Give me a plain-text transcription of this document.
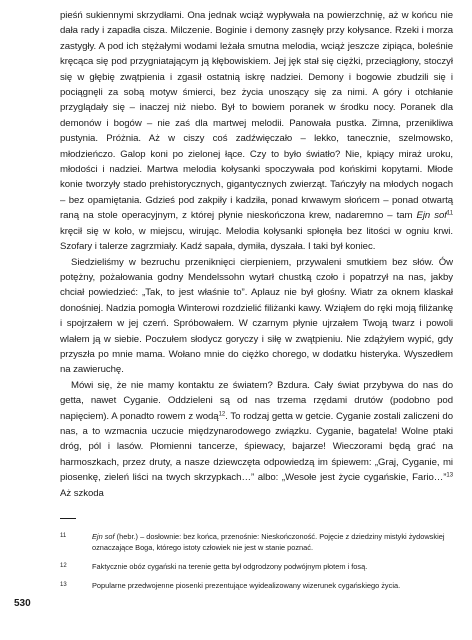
pieśń sukiennymi skrzydłami. Ona jednak wciąż wypływała na powierzchnię, aż w końcu nie dała rady i zapadła cisza. Milczenie. Boginie i demony zasnęły przy kołysance. Rzeki i morza zastygły. A pod ich stężałymi wodami leżała smutna melodia, wciąż jeszcze zipiąca, boleśnie kręcąca się pod przygniatającym ją kłębowiskiem. Jej jęk stał się ciężki, przeciągłony, stoczył się w głębię zwątpienia i zgasił ostatnią iskrę nadziei. Demony i bogowie zbudzili się i pociągnęli za sobą motyw śmierci, bez życia unoszący się za nimi. A góry i otchłanie przyglądały się – inaczej niż niebo. Był to bowiem poranek w środku nocy. Poranek dla demonów i bogów – nie zaś dla martwej melodii. Panowała pustka. Zimna, przenikliwa pustynia. Próżnia. Aż w ciszy coś zadźwięczało – lekko, tanecznie, szelmowsko, młodzieńczo. Galop koni po zielonej łące. Czy to było światło? Nie, kpiący miraż uroku, młodości i nadziei. Martwa melodia kołysanki spoczywała pod końskimi kopytami. Młode konie tworzyły stado prehistorycznych, gigantycznych zwierząt. Tańczyły na młodych nogach – bez opamiętania. Gdzieś pod zakpiły i kadziła, ponad krwawym słońcem – ponad otwartą raną na stole operacyjnym, z której płynie nieskończona krew, nadaremno – tam Ejn sof$^{11}$ kręcił się w koło, w miejscu, wirując. Melodia kołysanki spłonęła bez litości w ogniu krwi. Szofary i talerze zagrzmiały. Kadź sapała, dymiła, dyszała. I taki był koniec.

Siedzieliśmy w bezruchu przeniknięci cierpieniem, przywaleni smutkiem bez słów. Ów potężny, pożałowania godny Mendelssohn wytarł chustką czoło i popatrzył na nas, jakby chciał powiedzieć: „Tak, to jest właśnie to”. Aplauz nie był głośny. Wiatr za oknem klaskał donośniej. Nadzia pomogła Winterowi rozdzielić filiżanki kawy. Wziąłem do ręki moją filiżankę i spojrzałem w jej czerń. Spróbowałem. W czarnym płynie ujrzałem Twoją twarz i powoli wlałem ją w siebie. Poczułem słodycz goryczy i siłę w zwątpieniu. Nie zdążyłem wypić, gdy przyszła po mnie mama. Wołano mnie do ciężko chorego, w dodatku histeryka. Wyszedłem na zawieruchę.

Mówi się, że nie mamy kontaktu ze światem? Bzdura. Cały świat przybywa do nas do getta, nawet Cyganie. Oddzieleni są od nas trzema rzędami drutów (podobno pod napięciem). A ponadto rowem z wodą$^{12}$. To rodzaj getta w getcie. Cyganie zostali zaliczeni do nas, a to wzmacnia uczucie międzynarodowego związku. Cyganie, bagatela! Wolne ptaki dróg, pól i lasów. Płomienni tancerze, śpiewacy, bajarze! Wieczorami będą grać na harmoszkach, przez druty, a nasze dziewczęta odpowiedzą im śpiewem: „Graj, Cyganie, mi piosenkę, zieleń liści na twych skrzypkach…” albo: „Wesołe jest życie cygańskie, Fario…”$^{13}$ Aż szkoda

11	Ejn sof (hebr.) – dosłownie: bez końca, przenośnie: Nieskończoność. Pojęcie z dziedziny mistyki żydowskiej oznaczające Boga, którego istoty człowiek nie jest w stanie poznać.
12	Faktycznie obóz cygański na terenie getta był odgrodzony podwójnym płotem i fosą.
13	Popularne przedwojenne piosenki prezentujące wyidealizowany wizerunek cygańskiego życia.
530
